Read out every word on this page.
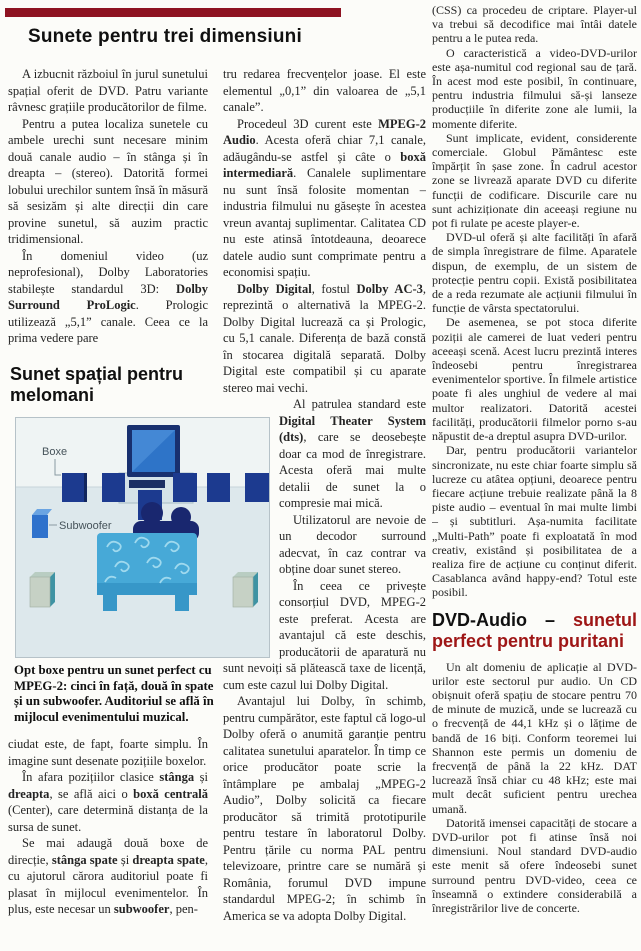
Sunete pentru trei dimensiuni

A izbucnit războiul în jurul sunetului spațial oferit de DVD. Patru variante râvnesc grațiile producătorilor de filme.

Pentru a putea localiza sunetele cu ambele urechi sunt necesare minim două canale audio – în stânga și în dreapta – (stereo). Datorită formei lobului urechilor suntem însă în măsură să sesizăm și alte direcții din care provine sunetul, să auzim practic tridimensional.

În domeniul video (uz neprofesional), Dolby Laboratories stabilește standardul 3D: Dolby Surround ProLogic. Prologic utilizează „5,1” canale. Ceea ce la prima vedere pare

Sunet spațial pentru melomani
Boxe
Subwoofer
Opt boxe pentru un sunet perfect cu MPEG-2: cinci în față, două în spate și un subwoofer. Auditoriul se află în mijlocul evenimentului muzical.

ciudat este, de fapt, foarte simplu. În imagine sunt desenate pozițiile boxelor.

În afara pozițiilor clasice stânga și dreapta, se află aici o boxă centrală (Center), care determină distanța de la sursa de sunet.

Se mai adaugă două boxe de direcție, stânga spate și dreapta spate, cu ajutorul cărora auditoriul poate fi plasat în mijlocul evenimentelor. În plus, este necesar un subwoofer, pen-

tru redarea frecvențelor joase. El este elementul „0,1” din valoarea de „5,1 canale”.

Procedeul 3D curent este MPEG-2 Audio. Acesta oferă chiar 7,1 canale, adăugându-se astfel și câte o boxă intermediară. Canalele suplimentare nu sunt însă folosite momentan – industria filmului nu găsește în acestea vreun avantaj suplimentar. Calitatea CD nu este atinsă întotdeauna, deoarece datele audio sunt comprimate pentru a economisi spațiu.

Dolby Digital, fostul Dolby AC-3, reprezintă o alternativă la MPEG-2. Dolby Digital lucrează ca și Prologic, cu 5,1 canale. Diferența de bază constă în stocarea digitală separată. Dolby Digital este compatibil și cu aparate stereo mai vechi.

Al patrulea standard este Digital Theater System (dts), care se deosebește doar ca mod de înregistrare. Acesta oferă mai multe detalii de sunet la o compresie mai mică.

Utilizatorul are nevoie de un decodor surround adecvat, în caz contrar va obține doar sunet stereo.

În ceea ce privește consorțiul DVD, MPEG-2 este preferat. Acesta are avantajul că este deschis, producătorii de aparatură nu sunt nevoiți să plătească taxe de licență, cum este cazul lui Dolby Digital.

Avantajul lui Dolby, în schimb, pentru cumpărător, este faptul că logo-ul Dolby oferă o anumită garanție pentru calitatea sunetului aparatelor. În timp ce orice producător poate scrie la întâmplare pe ambalaj „MPEG-2 Audio”, Dolby solicită ca fiecare producător să trimită prototipurile pentru testare în laboratorul Dolby. Pentru țările cu norma PAL pentru televizoare, printre care se numără și România, forumul DVD impune standardul MPEG-2; în schimb în America se va adopta Dolby Digital.

(CSS) ca procedeu de criptare. Player-ul va trebui să decodifice mai întâi datele pentru a le putea reda.

O caracteristică a video-DVD-urilor este așa-numitul cod regional sau de țară. În acest mod este posibil, în continuare, pentru industria filmului să-și lanseze producțiile în diferite zone ale lumii, la momente diferite.

Sunt implicate, evident, considerente comerciale. Globul Pământesc este împărțit în șase zone. În cadrul acestor zone se livrează aparate DVD cu diferite funcții de codificare. Discurile care nu sunt achiziționate din aceeași regiune nu pot fi rulate pe aceste player-e.

DVD-ul oferă și alte facilități în afară de simpla înregistrare de filme. Aparatele dispun, de exemplu, de un sistem de protecție pentru copii. Există posibilitatea de a reda rezumate ale acțiunii filmului în funcție de vârsta spectatorului.

De asemenea, se pot stoca diferite poziții ale camerei de luat vederi pentru aceeași scenă. Acest lucru prezintă interes îndeosebi pentru înregistrarea evenimentelor sportive. În filmele artistice poate fi ales unghiul de vedere al mai multor realizatori. Datorită acestei facilități, producătorii filmelor porno s-au năpustit de-a dreptul asupra DVD-urilor.

Dar, pentru producătorii variantelor sincronizate, nu este chiar foarte simplu să lucreze cu atâtea opțiuni, deoarece pentru fiecare acțiune trebuie realizate până la 8 piste audio – eventual în mai multe limbi – și subtitluri. Așa-numita facilitate „Multi-Path” poate fi exploatată în mod creativ, existând și posibilitatea de a realiza fire de acțiune cu conținut diferit. Casablanca având happy-end? Totul este posibil.

DVD-Audio – sunetul perfect pentru puritani

Un alt domeniu de aplicație al DVD-urilor este sectorul pur audio. Un CD obișnuit oferă spațiu de stocare pentru 70 de minute de muzică, unde se lucrează cu o frecvență de 44,1 kHz și o lățime de bandă de 16 biți. Conform teoremei lui Shannon este permis un domeniu de frecvență de până la 22 kHz. DAT lucrează însă chiar cu 48 kHz; este mai mult decât suficient pentru urechea umană.

Datorită imensei capacități de stocare a DVD-urilor pot fi atinse însă noi dimensiuni. Noul standard DVD-audio este menit să ofere îndeosebi sunet surround pentru DVD-video, ceea ce înseamnă o extindere considerabilă a înregistrărilor live de concerte.
